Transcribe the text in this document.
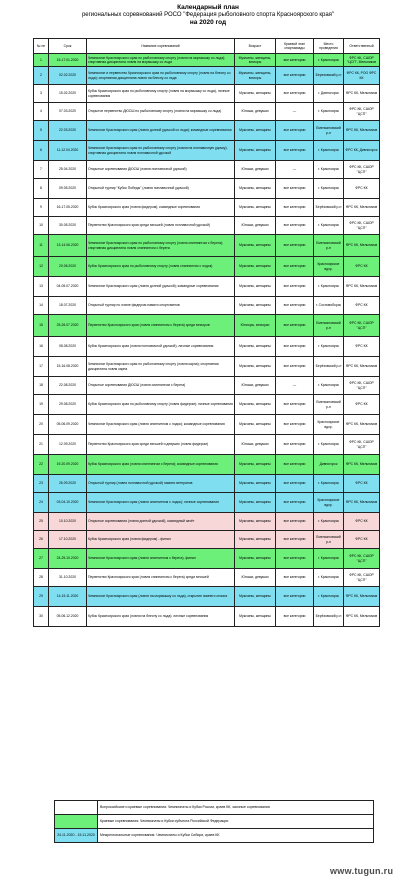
Календарный план
региональных соревнований РОСО "Федерация рыболовного спорта Красноярского края"
на 2020 год
№ пп	Срок	Название соревнований	Возраст	Краевой этап спартакиады	Место проведения	Ответственный
1	15-17.01.2020	Чемпионат Красноярского края по рыболовному спорту (ловля на мормышку со льда); спортивная дисциплина ловля на мормышку со льда	Мужчины, женщины, юниоры	все категории	г. Красноярск	ФРС КК, СШОР "ЦСП", Мельников
2	02.02.2020	Чемпионат и первенство Красноярского края по рыболовному спорту (ловля на блесну со льда); спортивная дисциплина ловля на блесну со льда	Мужчины, женщины, юниоры	все категории	Березовский р-н	ФРС КК, РОО ФРС КК
3	15.02.2020	Кубок Красноярского края по рыболовному спорту (ловля на мормышку со льда), личные соревнования	Мужчины, женщины	все категории	г. Дивногорск	ФРС КК, Мельников
4	07.03.2020	Открытое первенство ДЮСШ по рыболовному спорту (ловля на мормышку со льда)	Юноши, девушки	—	г. Красноярск	ФРС КК, СШОР "ЦСП"
5	22.03.2020	Чемпионат Красноярского края (ловля донной удочкой со льда); командные соревнования	Мужчины, женщины	все категории	Емельяновский р-н	ФРС КК, Мельников
6	11-12.04.2020	Чемпионат Красноярского края по рыболовному спорту (ловля на поплавочную удочку); спортивная дисциплина ловля поплавочной удочкой	Мужчины, женщины	все категории	г. Красноярск	ФРС КК, Дивногорск
7	25.04.2020	Открытые соревнования ДЮСШ (ловля поплавочной удочкой)	Юноши, девушки	—	г. Красноярск	ФРС КК, СШОР "ЦСП"
8	09.05.2020	Открытый турнир "Кубок Победы" (ловля поплавочной удочкой)	Мужчины, женщины	все категории	г. Красноярск	ФРС КК
9	16-17.05.2020	Кубок Красноярского края (ловля фидером); командные соревнования	Мужчины, женщины	все категории	Берёзовский р-н	ФРС КК, Мельников
10	30.05.2020	Первенство Красноярского края среди юношей (ловля поплавочной удочкой)	Юноши, девушки	все категории	г. Красноярск	ФРС КК, СШОР "ЦСП"
11	13-14.06.2020	Чемпионат Красноярского края по рыболовному спорту (ловля спиннингом с берега); спортивная дисциплина ловля спиннингом с берега	Мужчины, женщины	все категории	Емельяновский р-н	ФРС КК, Мельников
12	20.06.2020	Кубок Красноярского края по рыболовному спорту (ловля спиннингом с лодок)	Мужчины, женщины	все категории	Красноярское вдхр.	ФРС КК
13	04-05.07.2020	Чемпионат Красноярского края (ловля донной удочкой); командные соревнования	Мужчины, женщины	все категории	г. Красноярск	ФРС КК, Мельников
14	18.07.2020	Открытый турнир по ловле фидером памяти спортсменов	Мужчины, женщины	все категории	г. Сосновоборск	ФРС КК
15	25-26.07.2020	Первенство Красноярского края (ловля спиннингом с берега) среди юниоров	Юниоры, юниорки	все категории	Емельяновский р-н	ФРС КК, СШОР "ЦСП"
16	08.08.2020	Кубок Красноярского края (ловля поплавочной удочкой); личные соревнования	Мужчины, женщины	все категории	г. Красноярск	ФРС КК
17	15-16.08.2020	Чемпионат Красноярского края по рыболовному спорту (ловля карпа); спортивная дисциплина ловля карпа	Мужчины, женщины	все категории	Берёзовский р-н	ФРС КК, Мельников
18	22.08.2020	Открытые соревнования ДЮСШ (ловля спиннингом с берега)	Юноши, девушки	—	г. Красноярск	ФРС КК, СШОР "ЦСП"
19	29.08.2020	Кубок Красноярского края по рыболовному спорту (ловля фидером); личные соревнования	Мужчины, женщины	все категории	Емельяновский р-н	ФРС КК
20	05-06.09.2020	Чемпионат Красноярского края (ловля спиннингом с лодок); командные соревнования	Мужчины, женщины	все категории	Красноярское вдхр.	ФРС КК, Мельников
21	12.09.2020	Первенство Красноярского края среди юношей и девушек (ловля фидером)	Юноши, девушки	все категории	г. Красноярск	ФРС КК, СШОР "ЦСП"
22	19-20.09.2020	Кубок Красноярского края (ловля спиннингом с берега); командные соревнования	Мужчины, женщины	все категории	Дивногорск	ФРС КК, Мельников
23	26.09.2020	Открытый турнир (ловля поплавочной удочкой) памяти ветеранов	Мужчины, женщины	все категории	г. Красноярск	ФРС КК
24	03-04.10.2020	Чемпионат Красноярского края (ловля спиннингом с лодок); личные соревнования	Мужчины, женщины	все категории	Красноярское вдхр.	ФРС КК, Мельников
25	10.10.2020	Открытые соревнования (ловля донной удочкой), командный зачёт	Мужчины, женщины	все категории	г. Красноярск	ФРС КК
26	17.10.2020	Кубок Красноярского края (ловля фидером) - финал	Мужчины, женщины	все категории	Емельяновский р-н	ФРС КК
27	24-25.10.2020	Чемпионат Красноярского края (ловля спиннингом с берега), финал	Мужчины, женщины	все категории	г. Красноярск	ФРС КК, СШОР "ЦСП"
28	31.10.2020	Первенство Красноярского края (ловля спиннингом с берега) среди юношей	Юноши, девушки	все категории	г. Красноярск	ФРС КК, СШОР "ЦСП"
29	14-15.11.2020	Чемпионат Красноярского края (ловля на мормышку со льда), открытие зимнего сезона	Мужчины, женщины	все категории	г. Красноярск	ФРС КК, Мельников
30	05-06.12.2020	Кубок Красноярского края (ловля на блесну со льда); личные соревнования	Мужчины, женщины	все категории	Берёзовский р-н	ФРС КК, Мельников
	Всероссийские и краевые соревнования: Чемпионаты и Кубки России, краев КК, заочные соревнования
	Краевые соревнования: Чемпионаты и Кубки субъекта Российской Федерации
24.11.2020 - 15.11.2020	Межрегиональные соревнования: Чемпионаты и Кубки Сибири, краев КК
www.tugun.ru
